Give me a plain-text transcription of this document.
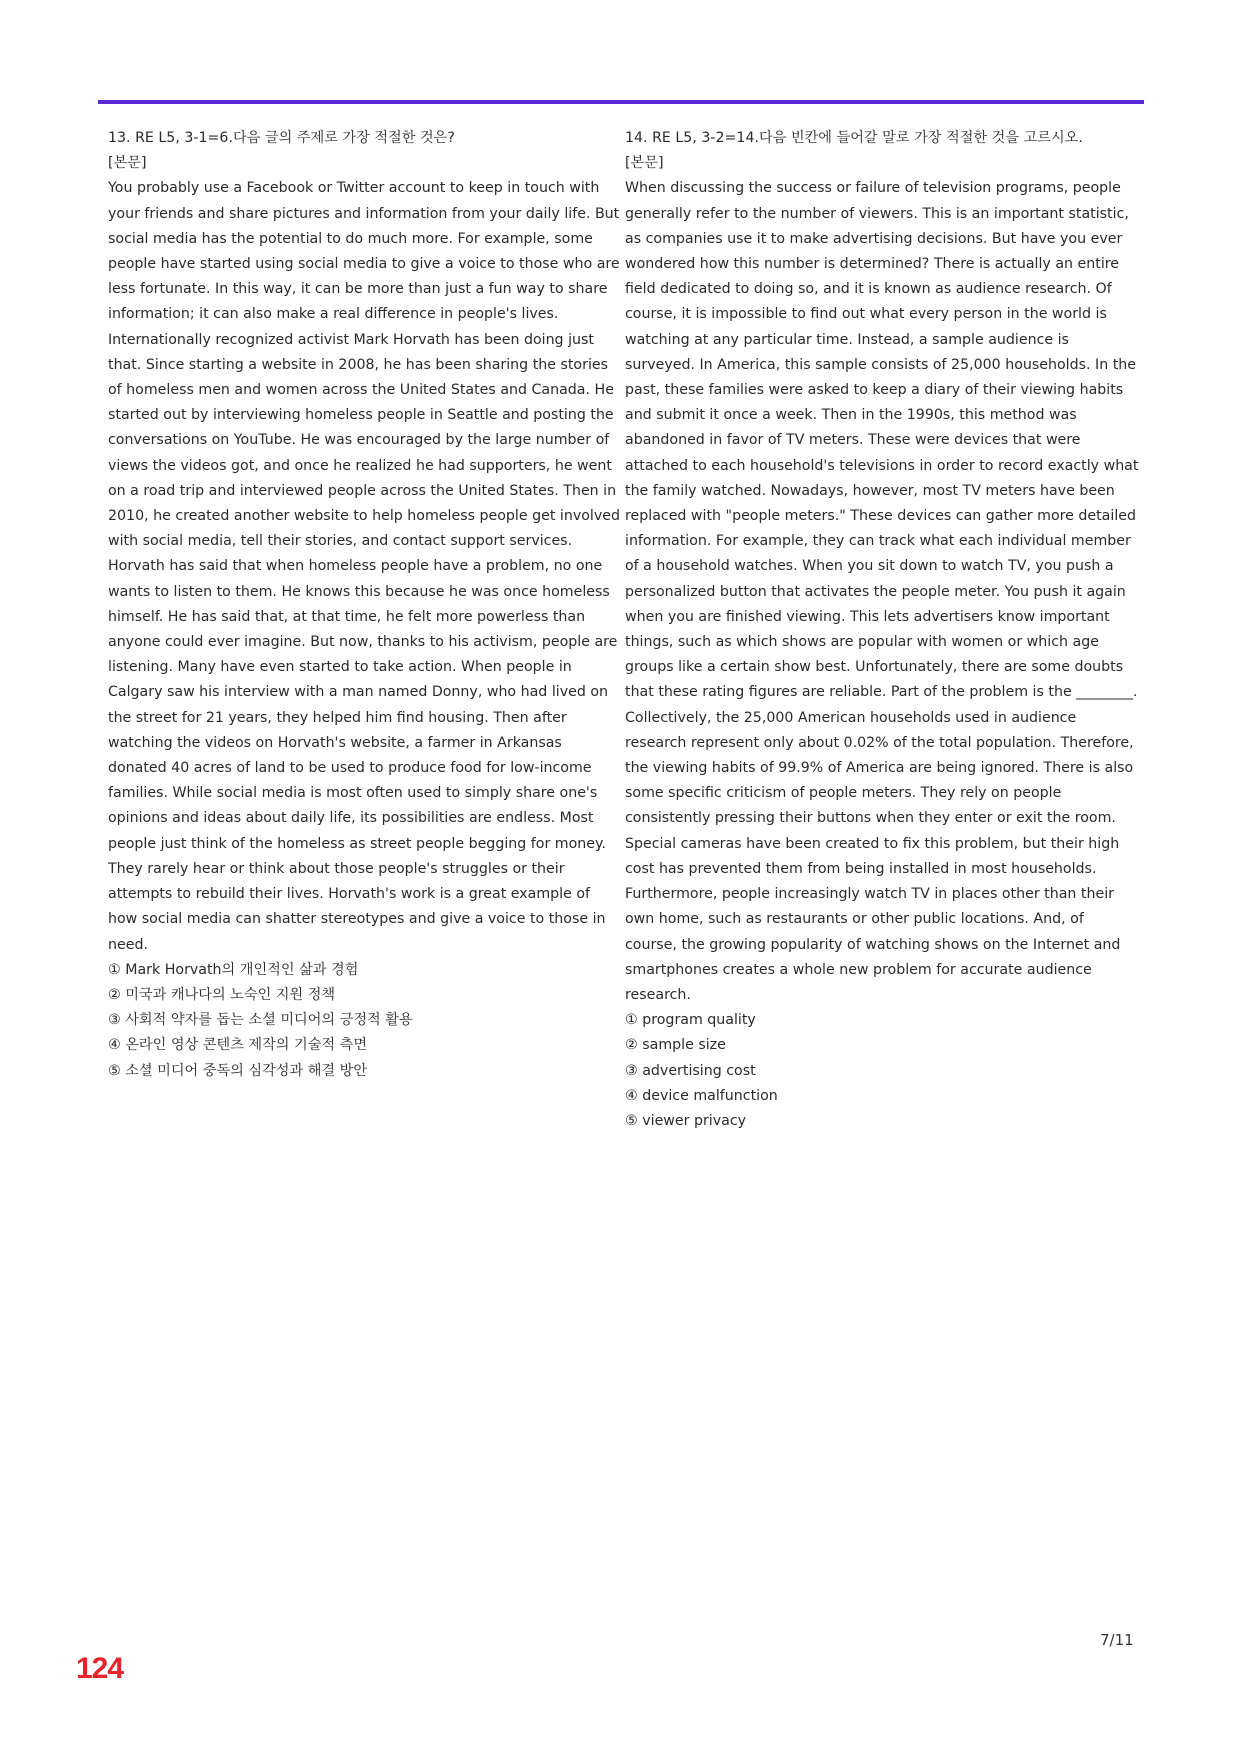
13. RE L5, 3-1=6.다음 글의 주제로 가장 적절한 것은?

[본문]

You probably use a Facebook or Twitter account to keep in touch with your friends and share pictures and information from your daily life. But social media has the potential to do much more. For example, some people have started using social media to give a voice to those who are less fortunate. In this way, it can be more than just a fun way to share information; it can also make a real difference in people's lives. Internationally recognized activist Mark Horvath has been doing just that. Since starting a website in 2008, he has been sharing the stories of homeless men and women across the United States and Canada. He started out by interviewing homeless people in Seattle and posting the conversations on YouTube. He was encouraged by the large number of views the videos got, and once he realized he had supporters, he went on a road trip and interviewed people across the United States. Then in 2010, he created another website to help homeless people get involved with social media, tell their stories, and contact support services. Horvath has said that when homeless people have a problem, no one wants to listen to them. He knows this because he was once homeless himself. He has said that, at that time, he felt more powerless than anyone could ever imagine. But now, thanks to his activism, people are listening. Many have even started to take action. When people in Calgary saw his interview with a man named Donny, who had lived on the street for 21 years, they helped him find housing. Then after watching the videos on Horvath's website, a farmer in Arkansas donated 40 acres of land to be used to produce food for low-income families. While social media is most often used to simply share one's opinions and ideas about daily life, its possibilities are endless. Most people just think of the homeless as street people begging for money. They rarely hear or think about those people's struggles or their attempts to rebuild their lives. Horvath's work is a great example of how social media can shatter stereotypes and give a voice to those in need.

① Mark Horvath의 개인적인 삶과 경험
② 미국과 캐나다의 노숙인 지원 정책
③ 사회적 약자를 돕는 소셜 미디어의 긍정적 활용
④ 온라인 영상 콘텐츠 제작의 기술적 측면
⑤ 소셜 미디어 중독의 심각성과 해결 방안

14. RE L5, 3-2=14.다음 빈칸에 들어갈 말로 가장 적절한 것을 고르시오.

[본문]

When discussing the success or failure of television programs, people generally refer to the number of viewers. This is an important statistic, as companies use it to make advertising decisions. But have you ever wondered how this number is determined? There is actually an entire field dedicated to doing so, and it is known as audience research. Of course, it is impossible to find out what every person in the world is watching at any particular time. Instead, a sample audience is surveyed. In America, this sample consists of 25,000 households. In the past, these families were asked to keep a diary of their viewing habits and submit it once a week. Then in the 1990s, this method was abandoned in favor of TV meters. These were devices that were attached to each household's televisions in order to record exactly what the family watched. Nowadays, however, most TV meters have been replaced with "people meters." These devices can gather more detailed information. For example, they can track what each individual member of a household watches. When you sit down to watch TV, you push a personalized button that activates the people meter. You push it again when you are finished viewing. This lets advertisers know important things, such as which shows are popular with women or which age groups like a certain show best. Unfortunately, there are some doubts that these rating figures are reliable. Part of the problem is the ________. Collectively, the 25,000 American households used in audience research represent only about 0.02% of the total population. Therefore, the viewing habits of 99.9% of America are being ignored. There is also some specific criticism of people meters. They rely on people consistently pressing their buttons when they enter or exit the room. Special cameras have been created to fix this problem, but their high cost has prevented them from being installed in most households. Furthermore, people increasingly watch TV in places other than their own home, such as restaurants or other public locations. And, of course, the growing popularity of watching shows on the Internet and smartphones creates a whole new problem for accurate audience research.

① program quality
② sample size
③ advertising cost
④ device malfunction
⑤ viewer privacy
7/11
124
